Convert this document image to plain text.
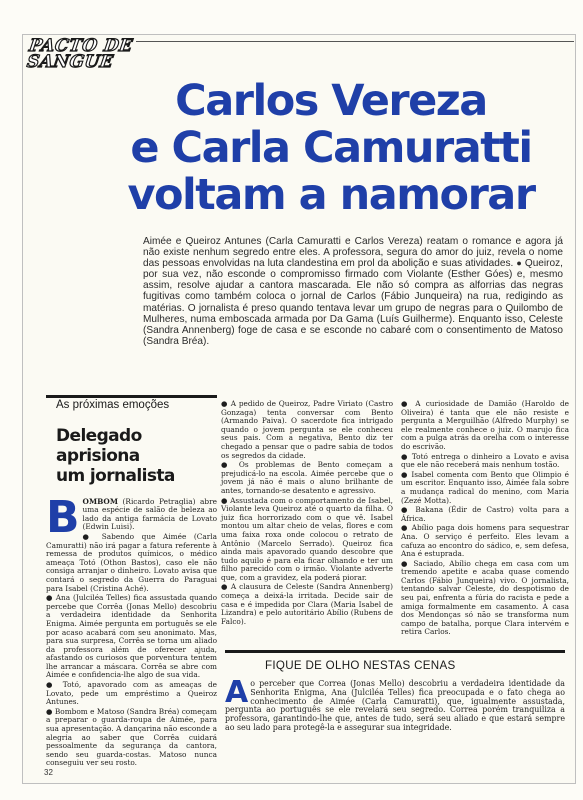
PACTO DE
SANGUE
Carlos Vereza
e Carla Camuratti
voltam a namorar
Aimée e Queiroz Antunes (Carla Camuratti e Carlos Vereza) reatam o romance e agora já não existe nenhum segredo entre eles. A professora, segura do amor do juiz, revela o nome das pessoas envolvidas na luta clandestina em prol da abolição e suas atividades. ● Queiroz, por sua vez, não esconde o compromisso firmado com Violante (Esther Góes) e, mesmo assim, resolve ajudar a cantora mascarada. Ele não só compra as alforrias das negras fugitivas como também coloca o jornal de Carlos (Fábio Junqueira) na rua, redigindo as matérias. O jornalista é preso quando tentava levar um grupo de negras para o Quilombo de Mulheres, numa emboscada armada por Da Gama (Luís Guilherme). Enquanto isso, Celeste (Sandra Annenberg) foge de casa e se esconde no cabaré com o consentimento de Matoso (Sandra Bréa).
As próximas emoções
Delegado aprisiona
um jornalista

BOMBOM (Ricardo Petraglia) abre uma espécie de salão de beleza ao lado da antiga farmácia de Lovato (Edwin Luisi).

● Sabendo que Aimée (Carla Camuratti) não irá pagar a fatura referente à remessa de produtos químicos, o médico ameaça Totó (Othon Bastos), caso ele não consiga arranjar o dinheiro. Lovato avisa que contará o segredo da Guerra do Paraguai para Isabel (Cristina Aché).

● Ana (Julciléa Telles) fica assustada quando percebe que Corrêa (Jonas Mello) descobriu a verdadeira identidade da Senhorita Enigma. Aimée pergunta em português se ele por acaso acabará com seu anonimato. Mas, para sua surpresa, Corrêa se torna um aliado da professora além de oferecer ajuda, afastando os curiosos que porventura tentem lhe arrancar a máscara. Corrêa se abre com Aimée e confidencia-lhe algo de sua vida.

● Totó, apavorado com as ameaças de Lovato, pede um empréstimo a Queiroz Antunes.

● Bombom e Matoso (Sandra Bréa) começam a preparar o guarda-roupa de Aimée, para sua apresentação. A dançarina não esconde a alegria ao saber que Corrêa cuidará pessoalmente da segurança da cantora, sendo seu guarda-costas. Matoso nunca conseguiu ver seu rosto.

● A pedido de Queiroz, Padre Viriato (Castro Gonzaga) tenta conversar com Bento (Armando Paiva). O sacerdote fica intrigado quando o jovem pergunta se ele conheceu seus pais. Com a negativa, Bento diz ter chegado a pensar que o padre sabia de todos os segredos da cidade.

● Os problemas de Bento começam a prejudicá-lo na escola. Aimée percebe que o jovem já não é mais o aluno brilhante de antes, tornando-se desatento e agressivo.

● Assustada com o comportamento de Isabel, Violante leva Queiroz até o quarto da filha. O juiz fica horrorizado com o que vê. Isabel montou um altar cheio de velas, flores e com uma faixa roxa onde colocou o retrato de Antônio (Marcelo Serrado). Queiroz fica ainda mais apavorado quando descobre que tudo aquilo é para ela ficar olhando e ter um filho parecido com o irmão. Violante adverte que, com a gravidez, ela poderá piorar.

● A clausura de Celeste (Sandra Annenberg) começa a deixá-la irritada. Decide sair de casa e é impedida por Clara (Maria Isabel de Lizandra) e pelo autoritário Abílio (Rubens de Falco).

● A curiosidade de Damião (Haroldo de Oliveira) é tanta que ele não resiste e pergunta a Merguilhão (Alfredo Murphy) se ele realmente conhece o juiz. O marujo fica com a pulga atrás da orelha com o interesse do escrivão.

● Totó entrega o dinheiro a Lovato e avisa que ele não receberá mais nenhum tostão.

● Isabel comenta com Bento que Olimpio é um escritor. Enquanto isso, Aimée fala sobre a mudança radical do menino, com Maria (Zezé Motta).

● Bakana (Édir de Castro) volta para a África.

● Abílio paga dois homens para sequestrar Ana. O serviço é perfeito. Eles levam a cafuza ao encontro do sádico, e, sem defesa, Ana é estuprada.

● Saciado, Abílio chega em casa com um tremendo apetite e acaba quase comendo Carlos (Fábio Junqueira) vivo. O jornalista, tentando salvar Celeste, do despotismo de seu pai, enfrenta a fúria do racista e pede a amiga formalmente em casamento. A casa dos Mendonças só não se transforma num campo de batalha, porque Clara intervém e retira Carlos.

FIQUE DE OLHO NESTAS CENAS
Ao perceber que Correa (Jonas Mello) descobriu a verdadeira identidade da Senhorita Enigma, Ana (Julciléa Telles) fica preocupada e o fato chega ao conhecimento de Aimée (Carla Camuratti), que, igualmente assustada, pergunta ao português se ele revelará seu segredo. Correa porém tranquiliza a professora, garantindo-lhe que, antes de tudo, será seu aliado e que estará sempre ao seu lado para protegê-la e assegurar sua integridade.
32
